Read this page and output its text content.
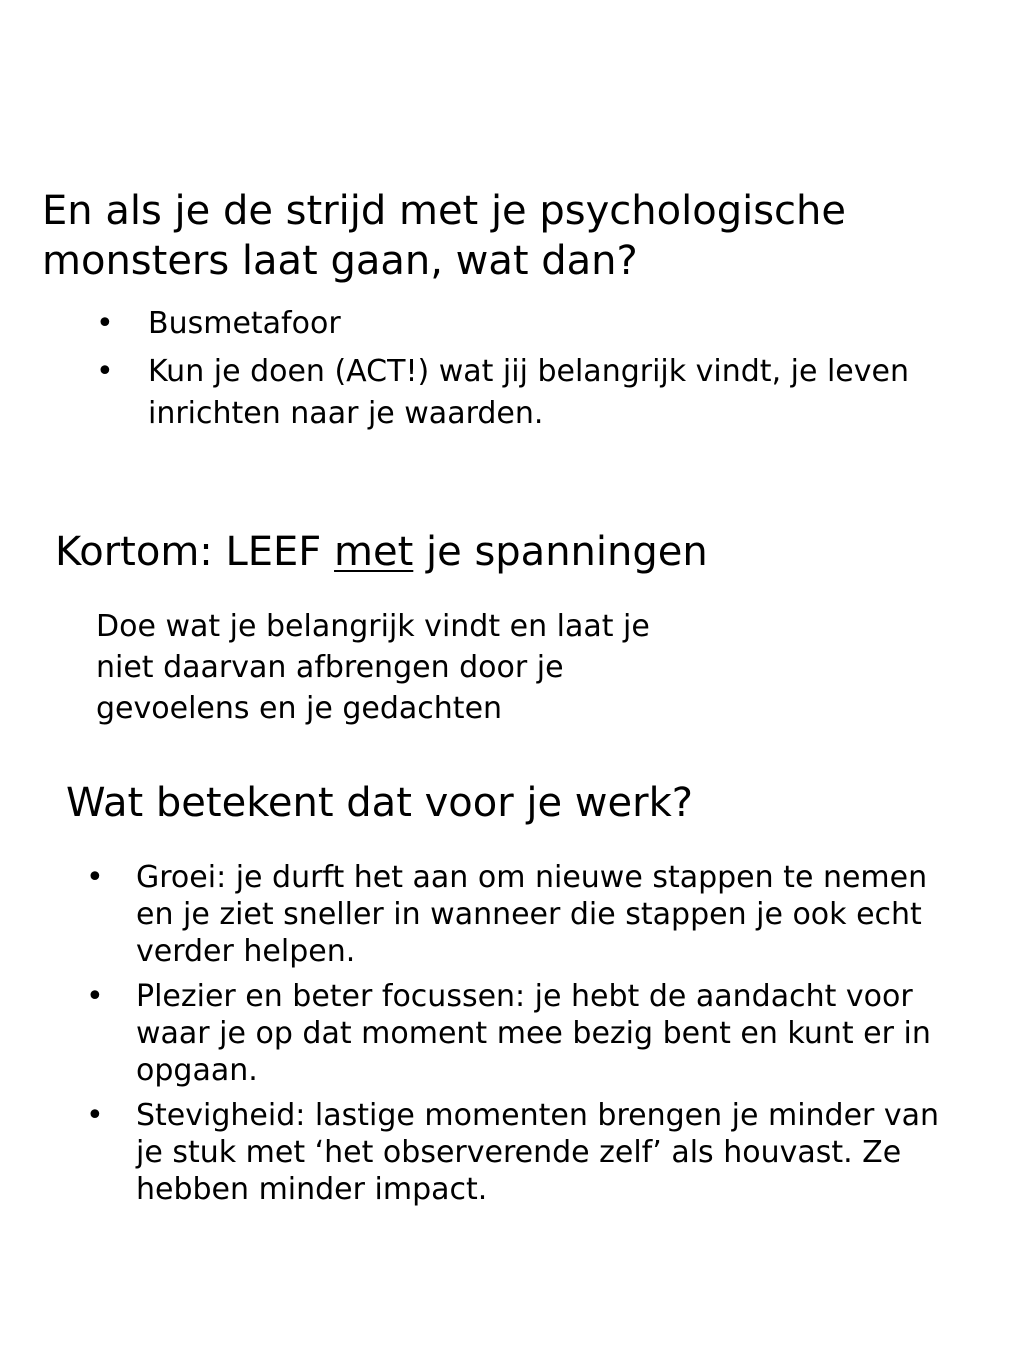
En als je de strijd met je psychologische
monsters laat gaan, wat dan?
• Busmetafoor
• Kun je doen (ACT!) wat jij belangrijk vindt, je leven inrichten naar je waarden.
Kortom: LEEF met je spanningen
Doe wat je belangrijk vindt en laat je
niet daarvan afbrengen door je
gevoelens en je gedachten
Wat betekent dat voor je werk?
• Groei: je durft het aan om nieuwe stappen te nemen en je ziet sneller in wanneer die stappen je ook echt verder helpen.
• Plezier en beter focussen: je hebt de aandacht voor waar je op dat moment mee bezig bent en kunt er in opgaan.
• Stevigheid: lastige momenten brengen je minder van je stuk met ‘het observerende zelf’ als houvast. Ze hebben minder impact.
